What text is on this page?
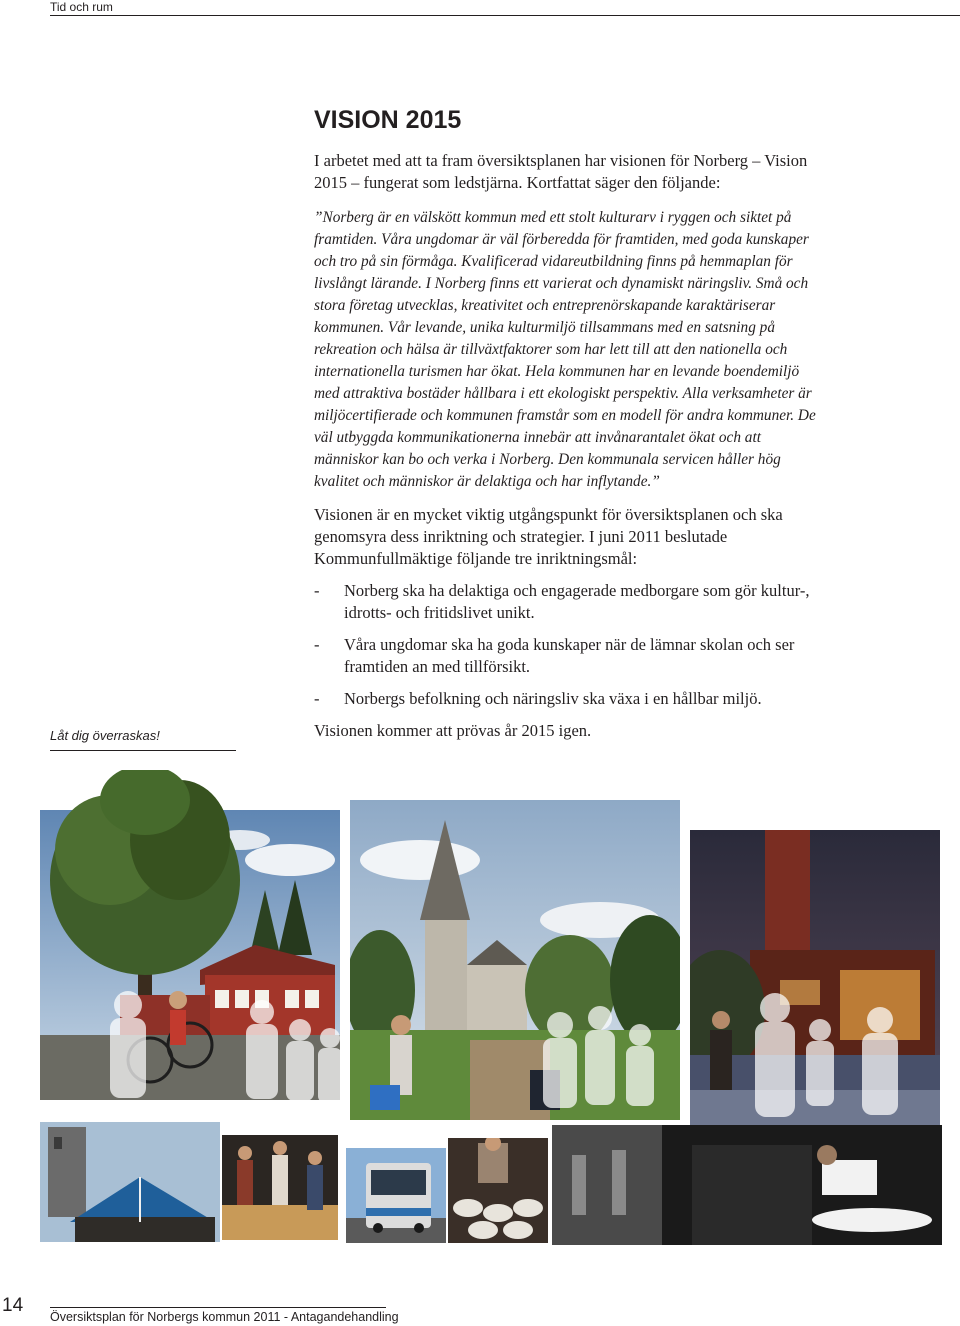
Tid och rum
VISION 2015

I arbetet med att ta fram översiktsplanen har visionen för Norberg – Vision 2015 – fungerat som ledstjärna. Kortfattat säger den följande:

”Norberg är en välskött kommun med ett stolt kulturarv i ryggen och siktet på framtiden. Våra ungdomar är väl förberedda för framtiden, med goda kunskaper och tro på sin förmåga. Kvalificerad vidareutbildning finns på hemmaplan för livslångt lärande. I Norberg finns ett varierat och dynamiskt näringsliv. Små och stora företag utvecklas, kreativitet och entreprenörskapande karaktäriserar kommunen. Vår levande, unika kulturmiljö tillsammans med en satsning på rekreation och hälsa är tillväxtfaktorer som har lett till att den nationella och internationella turismen har ökat. Hela kommunen har en levande boendemiljö med attraktiva bostäder hållbara i ett ekologiskt perspektiv. Alla verksamheter är miljöcertifierade och kommunen framstår som en modell för andra kommuner. De väl utbyggda kommunikationerna innebär att invånarantalet ökat och att människor kan bo och verka i Norberg. Den kommunala servicen håller hög kvalitet och människor är delaktiga och har inflytande.”

Visionen är en mycket viktig utgångspunkt för översiktsplanen och ska genomsyra dess inriktning och strategier. I juni 2011 beslutade Kommunfullmäktige följande tre inriktningsmål:

- Norberg ska ha delaktiga och engagerade medborgare som gör kultur-, idrotts- och fritidslivet unikt.
- Våra ungdomar ska ha goda kunskaper när de lämnar skolan och ser framtiden an med tillförsikt.
- Norbergs befolkning och näringsliv ska växa i en hållbar miljö.

Visionen kommer att prövas år 2015 igen.

Låt dig överraskas!
14
Översiktsplan för Norbergs kommun 2011 - Antagandehandling
